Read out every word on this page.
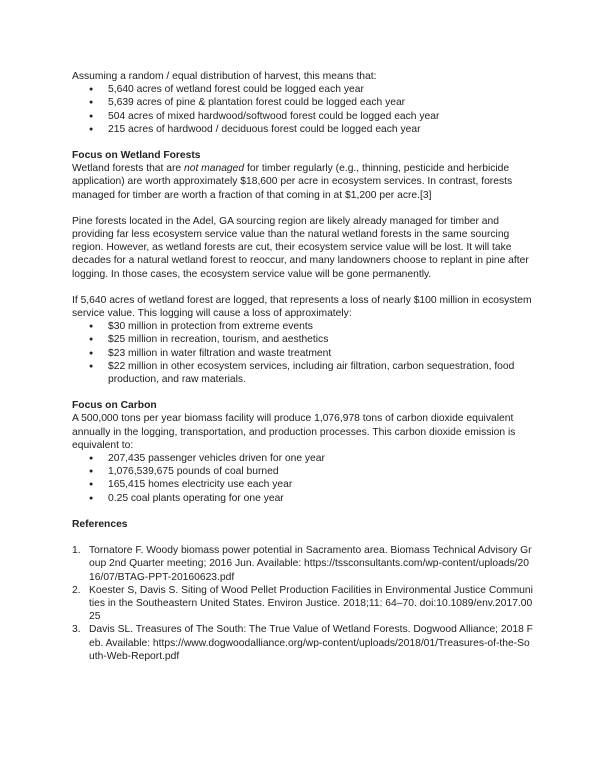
Assuming a random / equal distribution of harvest, this means that:

● 5,640 acres of wetland forest could be logged each year
● 5,639 acres of pine & plantation forest could be logged each year
● 504 acres of mixed hardwood/softwood forest could be logged each year
● 215 acres of hardwood / deciduous forest could be logged each year

Focus on Wetland Forests

Wetland forests that are not managed for timber regularly (e.g., thinning, pesticide and herbicide application) are worth approximately $18,600 per acre in ecosystem services. In contrast, forests managed for timber are worth a fraction of that coming in at $1,200 per acre.[3]

Pine forests located in the Adel, GA sourcing region are likely already managed for timber and providing far less ecosystem service value than the natural wetland forests in the same sourcing region. However, as wetland forests are cut, their ecosystem service value will be lost. It will take decades for a natural wetland forest to reoccur, and many landowners choose to replant in pine after logging. In those cases, the ecosystem service value will be gone permanently.

If 5,640 acres of wetland forest are logged, that represents a loss of nearly $100 million in ecosystem service value. This logging will cause a loss of approximately:

● $30 million in protection from extreme events
● $25 million in recreation, tourism, and aesthetics
● $23 million in water filtration and waste treatment
● $22 million in other ecosystem services, including air filtration, carbon sequestration, food production, and raw materials.

Focus on Carbon

A 500,000 tons per year biomass facility will produce 1,076,978 tons of carbon dioxide equivalent annually in the logging, transportation, and production processes. This carbon dioxide emission is equivalent to:

● 207,435 passenger vehicles driven for one year
● 1,076,539,675 pounds of coal burned
● 165,415 homes electricity use each year
● 0.25 coal plants operating for one year

References

1. Tornatore F. Woody biomass power potential in Sacramento area. Biomass Technical Advisory Group 2nd Quarter meeting; 2016 Jun. Available: https://tssconsultants.com/wp-content/uploads/2016/07/BTAG-PPT-20160623.pdf
2. Koester S, Davis S. Siting of Wood Pellet Production Facilities in Environmental Justice Communities in the Southeastern United States. Environ Justice. 2018;11: 64–70. doi:10.1089/env.2017.0025
3. Davis SL. Treasures of The South: The True Value of Wetland Forests. Dogwood Alliance; 2018 Feb. Available: https://www.dogwoodalliance.org/wp-content/uploads/2018/01/Treasures-of-the-South-Web-Report.pdf
